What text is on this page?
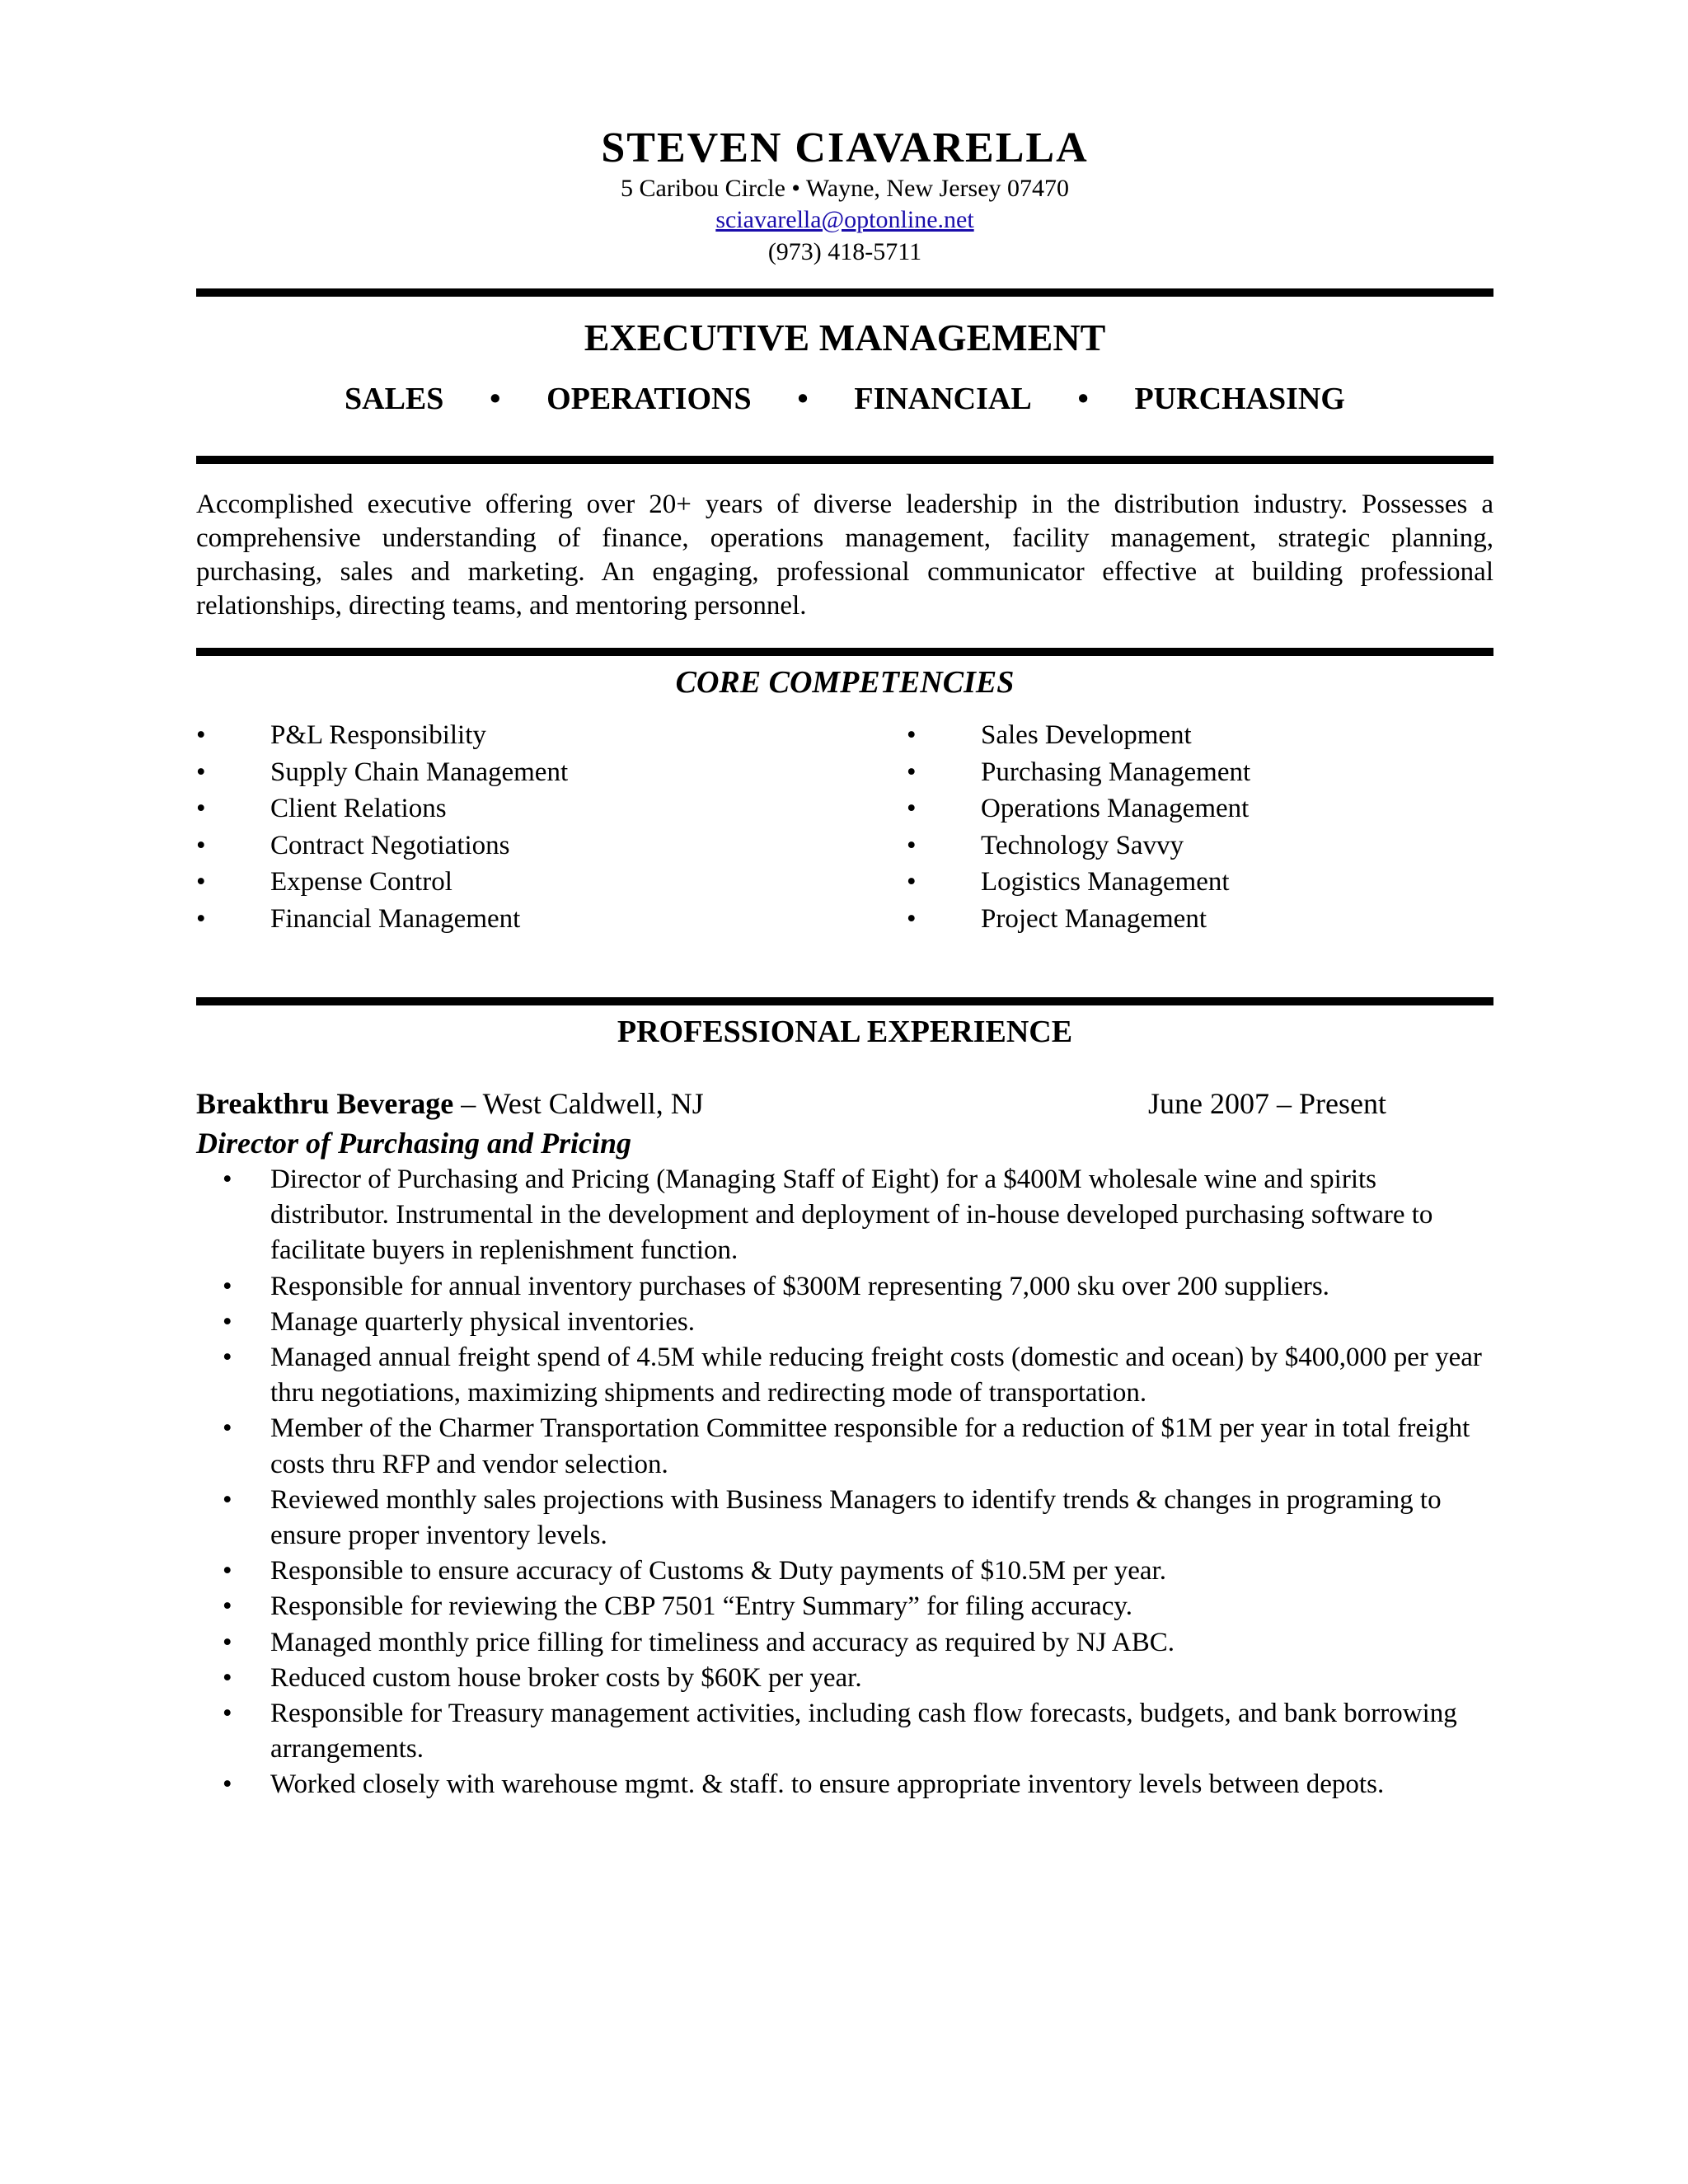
STEVEN CIAVARELLA
5 Caribou Circle • Wayne, New Jersey 07470
sciavarella@optonline.net
(973) 418-5711
EXECUTIVE MANAGEMENT
SALES • OPERATIONS • FINANCIAL • PURCHASING
Accomplished executive offering over 20+ years of diverse leadership in the distribution industry. Possesses a comprehensive understanding of finance, operations management, facility management, strategic planning, purchasing, sales and marketing. An engaging, professional communicator effective at building professional relationships, directing teams, and mentoring personnel.
CORE COMPETENCIES
• P&L Responsibility
• Supply Chain Management
• Client Relations
• Contract Negotiations
• Expense Control
• Financial Management
• Sales Development
• Purchasing Management
• Operations Management
• Technology Savvy
• Logistics Management
• Project Management
PROFESSIONAL EXPERIENCE
Breakthru Beverage – West Caldwell, NJ	June 2007 – Present
Director of Purchasing and Pricing
• Director of Purchasing and Pricing (Managing Staff of Eight) for a $400M wholesale wine and spirits distributor. Instrumental in the development and deployment of in-house developed purchasing software to facilitate buyers in replenishment function.
• Responsible for annual inventory purchases of $300M representing 7,000 sku over 200 suppliers.
• Manage quarterly physical inventories.
• Managed annual freight spend of 4.5M while reducing freight costs (domestic and ocean) by $400,000 per year thru negotiations, maximizing shipments and redirecting mode of transportation.
• Member of the Charmer Transportation Committee responsible for a reduction of $1M per year in total freight costs thru RFP and vendor selection.
• Reviewed monthly sales projections with Business Managers to identify trends & changes in programing to ensure proper inventory levels.
• Responsible to ensure accuracy of Customs & Duty payments of $10.5M per year.
• Responsible for reviewing the CBP 7501 “Entry Summary” for filing accuracy.
• Managed monthly price filling for timeliness and accuracy as required by NJ ABC.
• Reduced custom house broker costs by $60K per year.
• Responsible for Treasury management activities, including cash flow forecasts, budgets, and bank borrowing arrangements.
• Worked closely with warehouse mgmt. & staff. to ensure appropriate inventory levels between depots.
